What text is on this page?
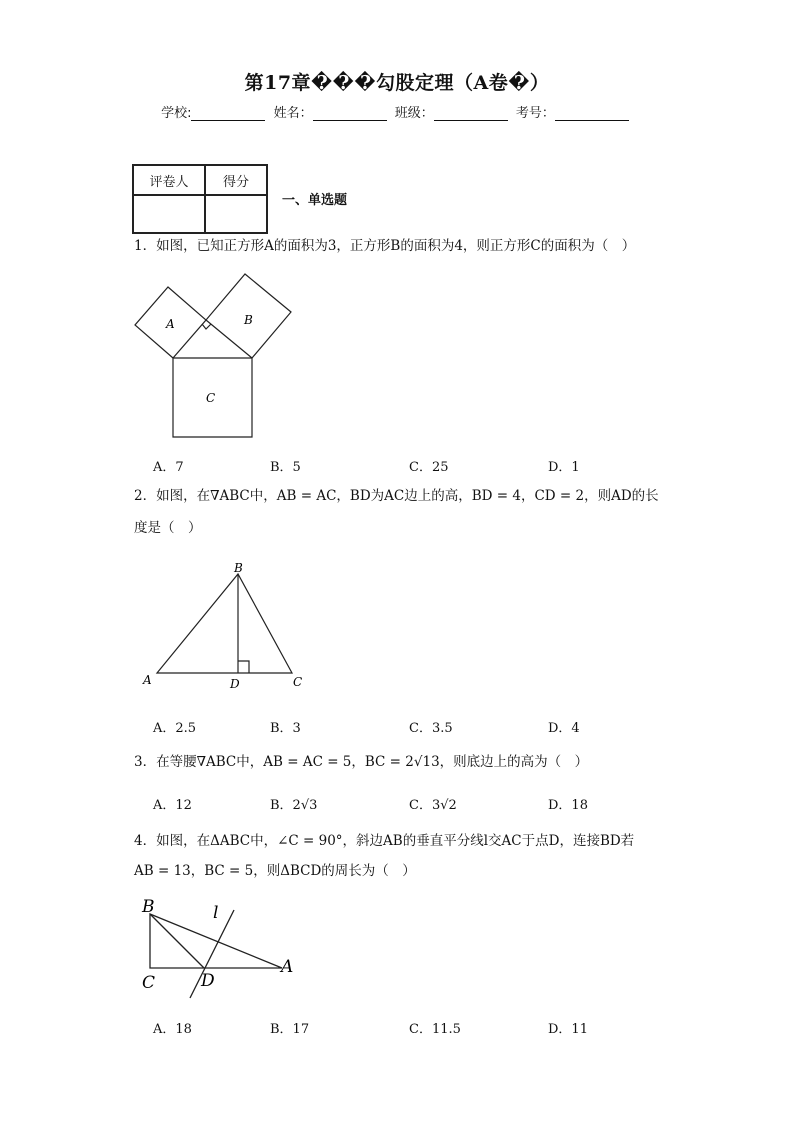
第17章���勾股定理（A卷�）
学校:	姓名：	班级：	考号：
评卷人	得分

一、单选题
1．如图，已知正方形A的面积为3，正方形B的面积为4，则正方形C的面积为（　）
A	B
C
A．7	B．5	C．25	D．1
2．如图，在∇ABC中，AB = AC，BD为AC边上的高，BD = 4，CD = 2，则AD的长
度是（　）
B
A	D	C
A．2.5	B．3	C．3.5	D．4
3．在等腰∇ABC中，AB = AC = 5，BC = 2√13，则底边上的高为（　）
A．12	B．2√3	C．3√2	D．18
4．如图，在ΔABC中，∠C = 90°，斜边AB的垂直平分线l交AC于点D，连接BD若
AB = 13，BC = 5，则ΔBCD的周长为（　）
B	l
C	D
A
A．18	B．17	C．11.5	D．11
